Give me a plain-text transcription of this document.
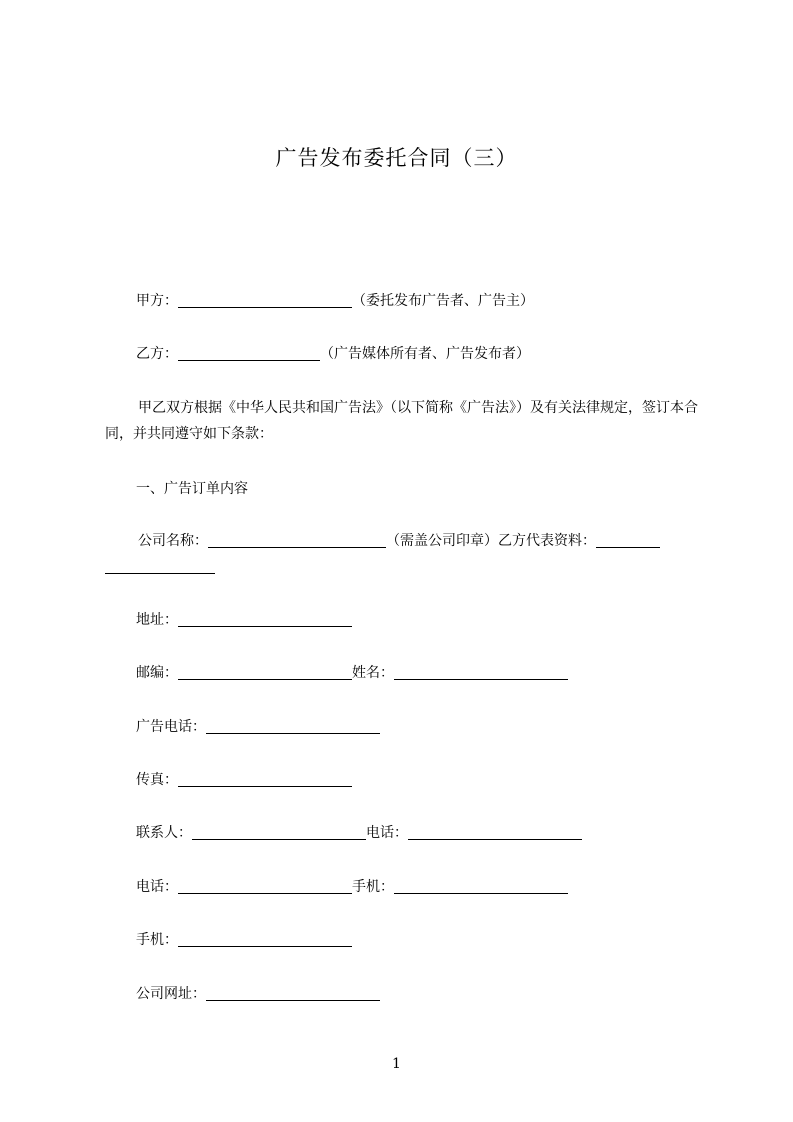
广告发布委托合同（三）
甲方：	（委托发布广告者、广告主）
乙方：	（广告媒体所有者、广告发布者）
甲乙双方根据《中华人民共和国广告法》（以下简称《广告法》）及有关法律规定，签订本合同，并共同遵守如下条款：
一、广告订单内容
公司名称：	（需盖公司印章）乙方代表资料：
地址：
邮编：	姓名：
广告电话：
传真：
联系人：	电话：
电话：	手机：
手机：
公司网址：
1
